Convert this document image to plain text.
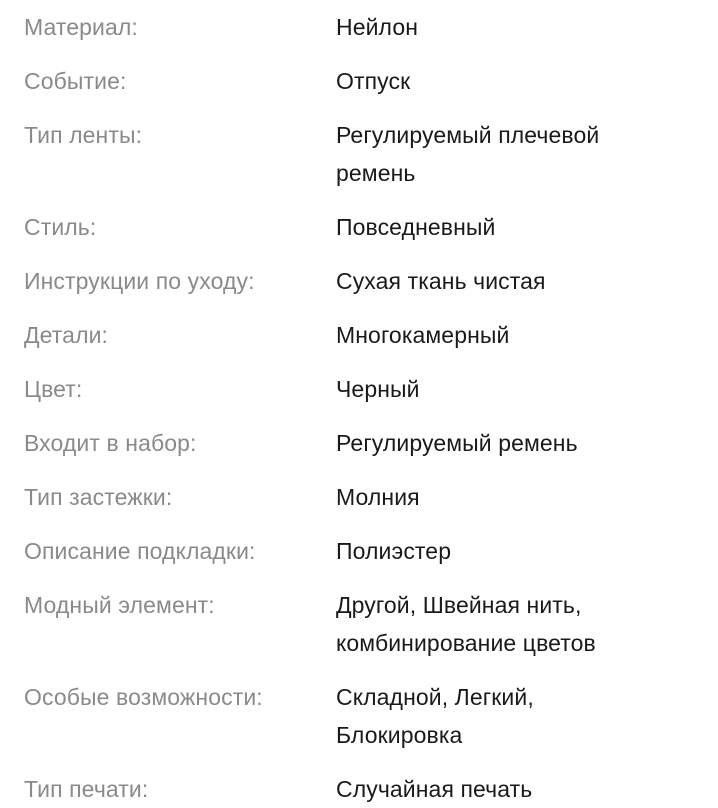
Материал:	Нейлон
Событие:	Отпуск
Тип ленты:	Регулируемый плечевой
ремень
Стиль:	Повседневный
Инструкции по уходу:	Сухая ткань чистая
Детали:	Многокамерный
Цвет:	Черный
Входит в набор:	Регулируемый ремень
Тип застежки:	Молния
Описание подкладки:	Полиэстер
Модный элемент:	Другой, Швейная нить,
комбинирование цветов
Особые возможности:	Складной, Легкий,
Блокировка
Тип печати:	Случайная печать
